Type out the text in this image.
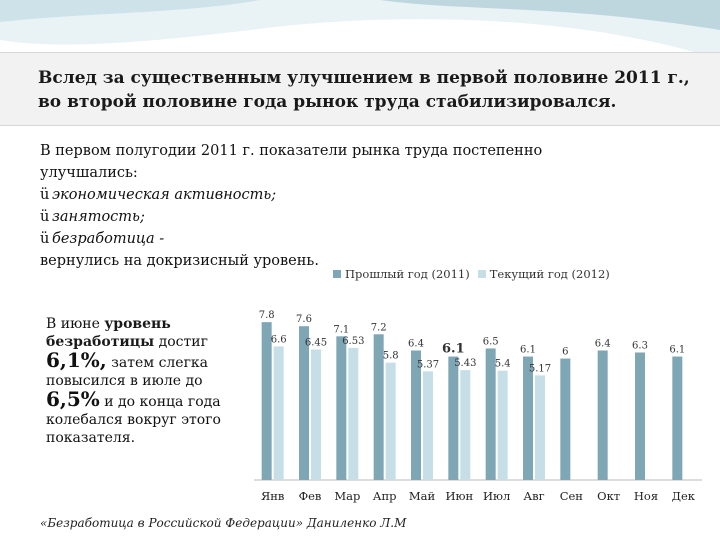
Вслед за существенным улучшением в первой половине 2011 г., во второй половине года рынок труда стабилизировался.

В первом полугодии 2011 г. показатели рынка труда постепенно улучшались:

ü экономическая активность;

ü занятость;

ü безработица -

вернулись на докризисный уровень.

Прошлый год (2011)	Текущий год (2012)
В июне уровень безработицы достиг
6,1%, затем слегка повысился в июле до
6,5% и до конца года колебался вокруг этого показателя.
7.8
6.6
Янв
7.6
6.45
Фев
7.1
6.53
Мар
7.2
5.8
Апр
6.4
5.37
Май
6.1
5.43
Июн
6.5
5.4
Июл
6.1
5.17
Авг
6
Сен
6.4
Окт
6.3
Ноя
6.1
Дек
«Безработица в Российской Федерации» Даниленко Л.М
